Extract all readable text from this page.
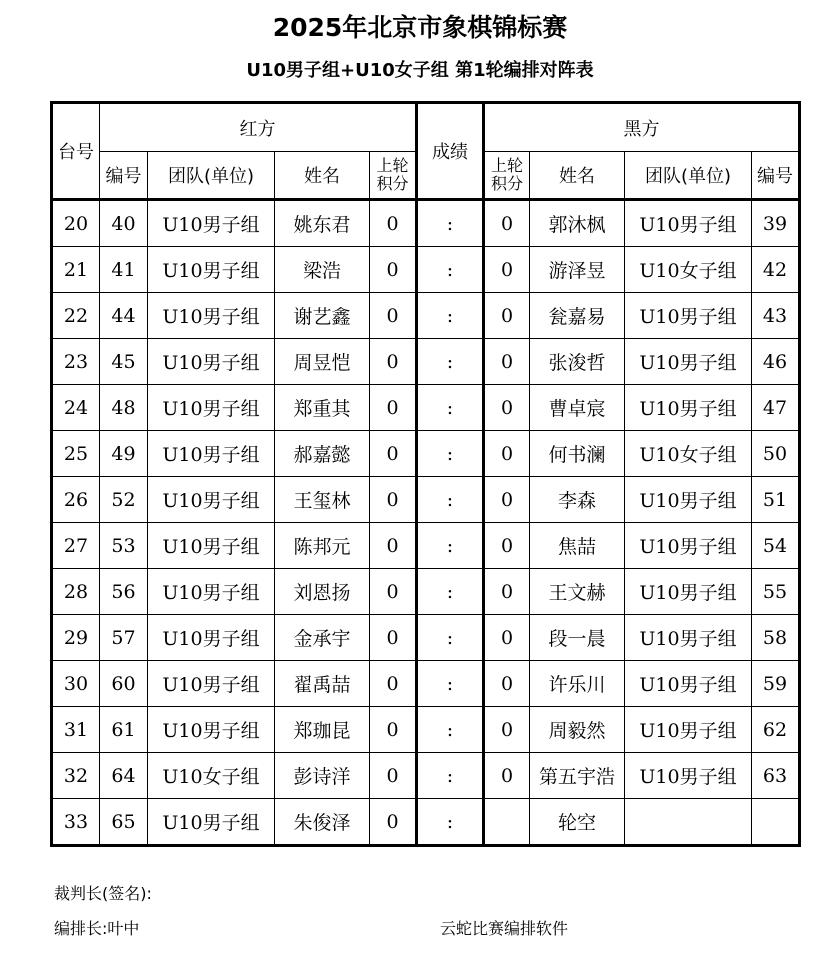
2025年北京市象棋锦标赛
U10男子组+U10女子组 第1轮编排对阵表
台号	红方				成绩	黑方			
	编号	团队(单位)	姓名	上轮积分		上轮积分	姓名	团队(单位)	编号
20	40	U10男子组	姚东君	0	:	0	郭沐枫	U10男子组	39
21	41	U10男子组	梁浩	0	:	0	游泽昱	U10女子组	42
22	44	U10男子组	谢艺鑫	0	:	0	瓮嘉易	U10男子组	43
23	45	U10男子组	周昱恺	0	:	0	张浚哲	U10男子组	46
24	48	U10男子组	郑重其	0	:	0	曹卓宸	U10男子组	47
25	49	U10男子组	郝嘉懿	0	:	0	何书澜	U10女子组	50
26	52	U10男子组	王玺林	0	:	0	李森	U10男子组	51
27	53	U10男子组	陈邦元	0	:	0	焦喆	U10男子组	54
28	56	U10男子组	刘恩扬	0	:	0	王文赫	U10男子组	55
29	57	U10男子组	金承宇	0	:	0	段一晨	U10男子组	58
30	60	U10男子组	翟禹喆	0	:	0	许乐川	U10男子组	59
31	61	U10男子组	郑珈昆	0	:	0	周毅然	U10男子组	62
32	64	U10女子组	彭诗洋	0	:	0	第五宇浩	U10男子组	63
33	65	U10男子组	朱俊泽	0	:		轮空		
裁判长(签名):
编排长:叶中	云蛇比赛编排软件
